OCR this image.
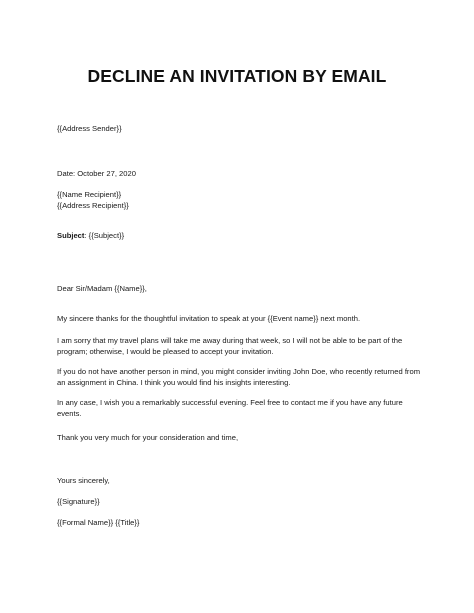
DECLINE AN INVITATION BY EMAIL

{{Address Sender}}

Date: October 27, 2020

{{Name Recipient}}

{{Address Recipient}}

Subject: {{Subject}}

Dear Sir/Madam {{Name}},

My sincere thanks for the thoughtful invitation to speak at your {{Event name}} next month.

I am sorry that my travel plans will take me away during that week, so I will not be able to be part of the program; otherwise, I would be pleased to accept your invitation.

If you do not have another person in mind, you might consider inviting John Doe, who recently returned from an assignment in China. I think you would find his insights interesting.

In any case, I wish you a remarkably successful evening. Feel free to contact me if you have any future events.

Thank you very much for your consideration and time,

Yours sincerely,

{{Signature}}

{{Formal Name}} {{Title}}
